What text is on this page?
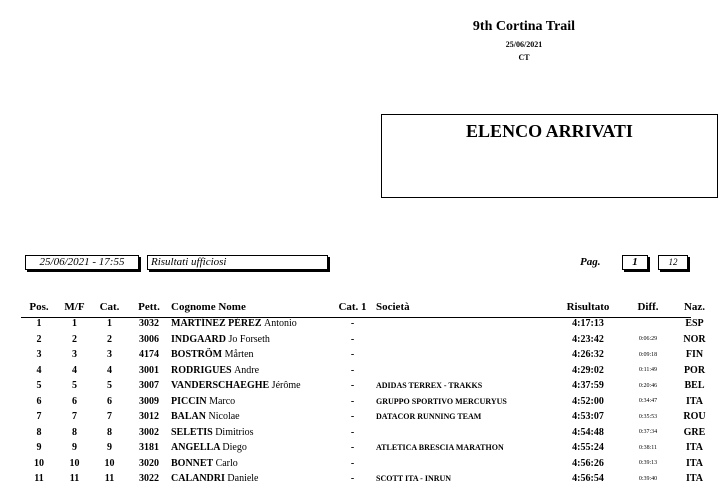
9th Cortina Trail
25/06/2021
CT
ELENCO ARRIVATI
25/06/2021 - 17:55	Risultati ufficiosi	Pag.	1	12
	Pos.	M/F	Cat.	Pett.	Cognome Nome	Cat. 1	Società	Risultato	Diff.	Naz.
	1	1	1	3032	MARTÍNEZ PÉREZ Antonio	-		4:17:13		ESP
	2	2	2	3006	INDGAARD Jo Forseth	-		4:23:42	0:06:29	NOR
	3	3	3	4174	BOSTRÖM Mårten	-		4:26:32	0:09:18	FIN
	4	4	4	3001	RODRIGUES Andre	-		4:29:02	0:11:49	POR
	5	5	5	3007	VANDERSCHAEGHE Jérôme	-	ADIDAS TERREX - TRAKKS	4:37:59	0:20:46	BEL
	6	6	6	3009	PICCIN Marco	-	GRUPPO SPORTIVO MERCURYUS	4:52:00	0:34:47	ITA
	7	7	7	3012	BALAN Nicolae	-	DATACOR RUNNING TEAM	4:53:07	0:35:53	ROU
	8	8	8	3002	SELETIS Dimitrios	-		4:54:48	0:37:34	GRE
	9	9	9	3181	ANGELLA Diego	-	ATLETICA BRESCIA MARATHON	4:55:24	0:38:11	ITA
	10	10	10	3020	BONNET Carlo	-		4:56:26	0:39:13	ITA
	11	11	11	3022	CALANDRI Daniele	-	SCOTT ITA - INRUN	4:56:54	0:39:40	ITA
